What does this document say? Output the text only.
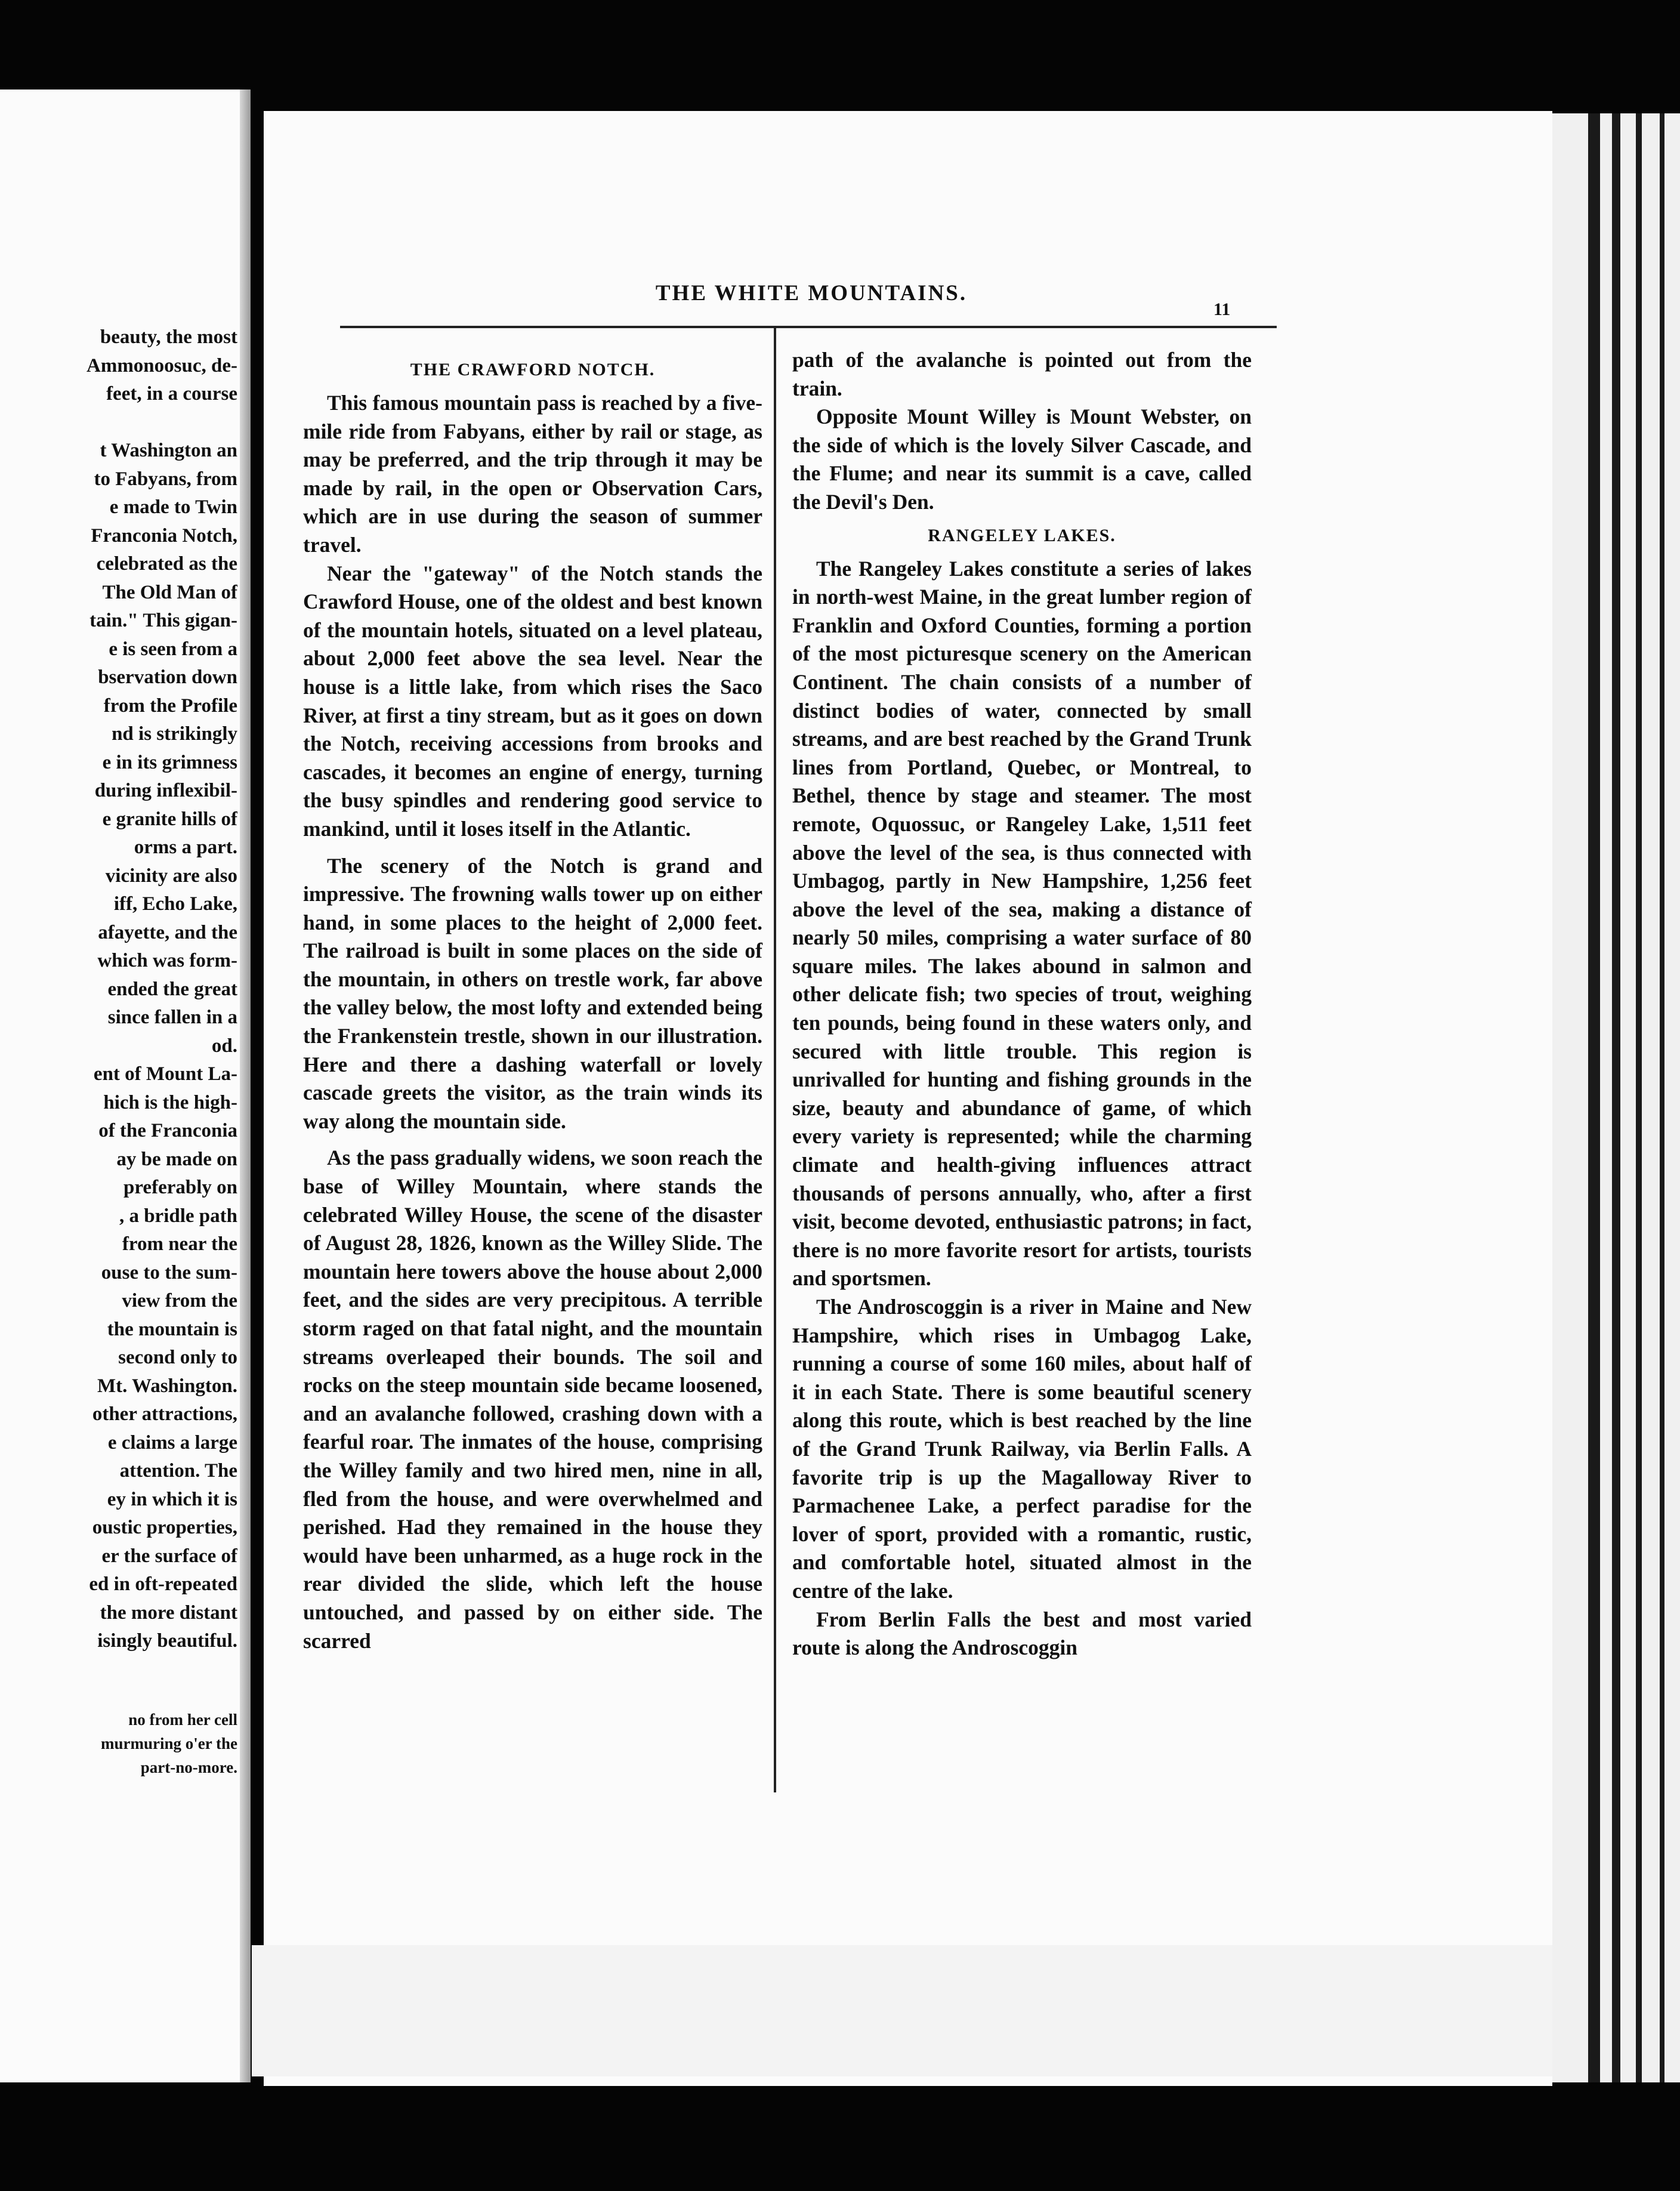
beauty, the most
Ammonoosuc, de-
feet, in a course

t Washington an
to Fabyans, from
e made to Twin
Franconia Notch,
celebrated as the
The Old Man of
tain." This gigan-
e is seen from a
bservation down
from the Profile
nd is strikingly
e in its grimness
during inflexibil-
e granite hills of
orms a part.
vicinity are also
iff, Echo Lake,
afayette, and the
which was form-
ended the great
since fallen in a
od.
ent of Mount La-
hich is the high-
of the Franconia
ay be made on
preferably on
, a bridle path
from near the
ouse to the sum-
view from the
the mountain is
second only to
Mt. Washington.
other attractions,
e claims a large
attention. The
ey in which it is
oustic properties,
er the surface of
ed in oft-repeated
the more distant
isingly beautiful.
no from her cell
murmuring o'er the
part-no-more.
THE WHITE MOUNTAINS.
11
THE CRAWFORD NOTCH.

This famous mountain pass is reached by a five-mile ride from Fabyans, either by rail or stage, as may be preferred, and the trip through it may be made by rail, in the open or Observation Cars, which are in use during the season of summer travel.

Near the "gateway" of the Notch stands the Crawford House, one of the oldest and best known of the mountain hotels, situated on a level plateau, about 2,000 feet above the sea level. Near the house is a little lake, from which rises the Saco River, at first a tiny stream, but as it goes on down the Notch, receiving accessions from brooks and cascades, it becomes an engine of energy, turning the busy spindles and rendering good service to mankind, until it loses itself in the Atlantic.

The scenery of the Notch is grand and impressive. The frowning walls tower up on either hand, in some places to the height of 2,000 feet. The railroad is built in some places on the side of the mountain, in others on trestle work, far above the valley below, the most lofty and extended being the Frankenstein trestle, shown in our illustration. Here and there a dashing waterfall or lovely cascade greets the visitor, as the train winds its way along the mountain side.

As the pass gradually widens, we soon reach the base of Willey Mountain, where stands the celebrated Willey House, the scene of the disaster of August 28, 1826, known as the Willey Slide. The mountain here towers above the house about 2,000 feet, and the sides are very precipitous. A terrible storm raged on that fatal night, and the mountain streams overleaped their bounds. The soil and rocks on the steep mountain side became loosened, and an avalanche followed, crashing down with a fearful roar. The inmates of the house, comprising the Willey family and two hired men, nine in all, fled from the house, and were overwhelmed and perished. Had they remained in the house they would have been unharmed, as a huge rock in the rear divided the slide, which left the house untouched, and passed by on either side. The scarred

path of the avalanche is pointed out from the train.

Opposite Mount Willey is Mount Webster, on the side of which is the lovely Silver Cascade, and the Flume; and near its summit is a cave, called the Devil's Den.

RANGELEY LAKES.

The Rangeley Lakes constitute a series of lakes in north-west Maine, in the great lumber region of Franklin and Oxford Counties, forming a portion of the most picturesque scenery on the American Continent. The chain consists of a number of distinct bodies of water, connected by small streams, and are best reached by the Grand Trunk lines from Portland, Quebec, or Montreal, to Bethel, thence by stage and steamer. The most remote, Oquossuc, or Rangeley Lake, 1,511 feet above the level of the sea, is thus connected with Umbagog, partly in New Hampshire, 1,256 feet above the level of the sea, making a distance of nearly 50 miles, comprising a water surface of 80 square miles. The lakes abound in salmon and other delicate fish; two species of trout, weighing ten pounds, being found in these waters only, and secured with little trouble. This region is unrivalled for hunting and fishing grounds in the size, beauty and abundance of game, of which every variety is represented; while the charming climate and health-giving influences attract thousands of persons annually, who, after a first visit, become devoted, enthusiastic patrons; in fact, there is no more favorite resort for artists, tourists and sportsmen.

The Androscoggin is a river in Maine and New Hampshire, which rises in Umbagog Lake, running a course of some 160 miles, about half of it in each State. There is some beautiful scenery along this route, which is best reached by the line of the Grand Trunk Railway, via Berlin Falls. A favorite trip is up the Magalloway River to Parmachenee Lake, a perfect paradise for the lover of sport, provided with a romantic, rustic, and comfortable hotel, situated almost in the centre of the lake.

From Berlin Falls the best and most varied route is along the Androscoggin
